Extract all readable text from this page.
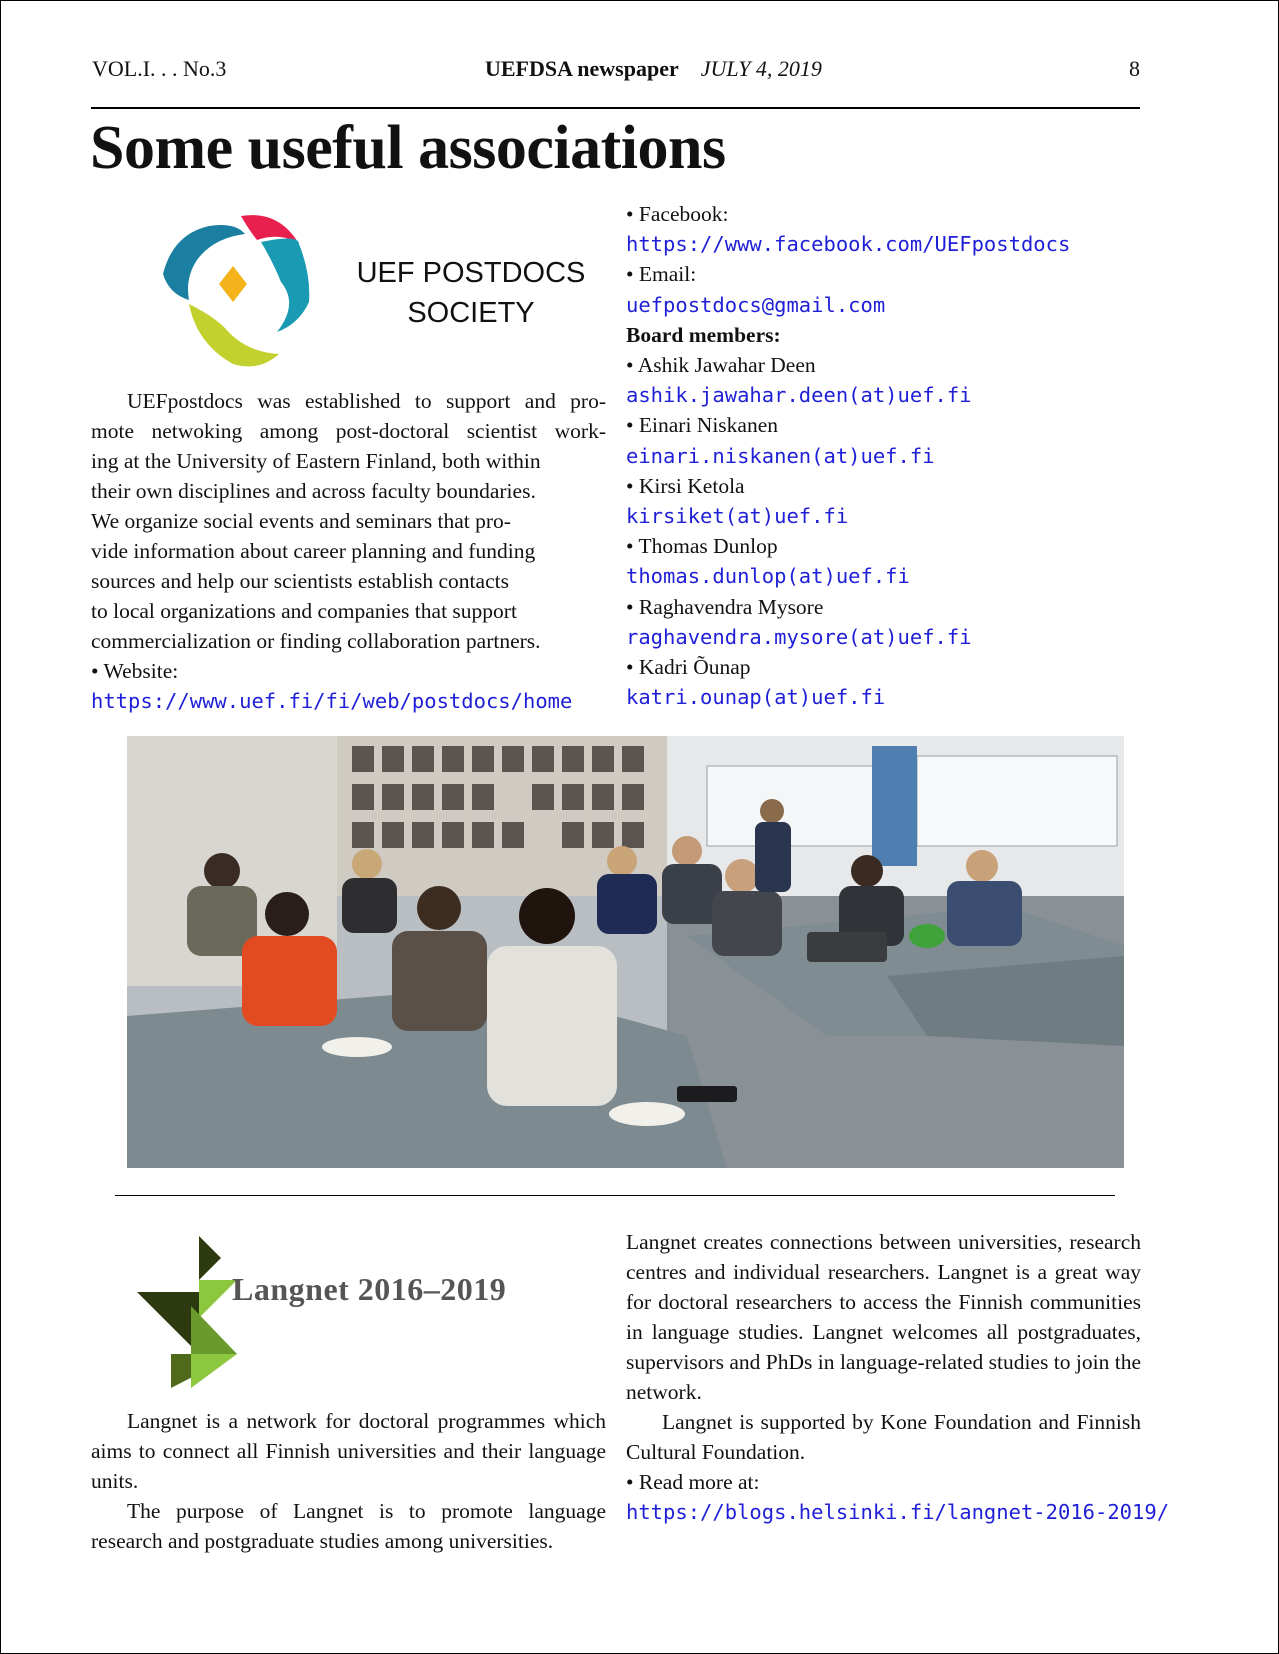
VOL.I. . . No.3	UEFDSA newspaper JULY 4, 2019	8
Some useful associations
UEF POSTDOCS
SOCIETY
UEFpostdocs was established to support and pro-
mote netwoking among post-doctoral scientist work-
ing at the University of Eastern Finland, both within
their own disciplines and across faculty boundaries.
We organize social events and seminars that pro-
vide information about career planning and funding
sources and help our scientists establish contacts
to local organizations and companies that support
commercialization or finding collaboration partners.
• Website:
https://www.uef.fi/fi/web/postdocs/home
• Facebook:
https://www.facebook.com/UEFpostdocs
• Email:
uefpostdocs@gmail.com
Board members:
• Ashik Jawahar Deen
ashik.jawahar.deen(at)uef.fi
• Einari Niskanen
einari.niskanen(at)uef.fi
• Kirsi Ketola
kirsiket(at)uef.fi
• Thomas Dunlop
thomas.dunlop(at)uef.fi
• Raghavendra Mysore
raghavendra.mysore(at)uef.fi
• Kadri Õunap
katri.ounap(at)uef.fi
Langnet 2016–2019

Langnet is a network for doctoral programmes which aims to connect all Finnish universities and their language units.

The purpose of Langnet is to promote language research and postgraduate studies among universities.

Langnet creates connections between universities, research centres and individual researchers. Langnet is a great way for doctoral researchers to access the Finnish communities in language studies. Langnet welcomes all postgraduates, supervisors and PhDs in language-related studies to join the network.

Langnet is supported by Kone Foundation and Finnish Cultural Foundation.

• Read more at:

https://blogs.helsinki.fi/langnet-2016-2019/
